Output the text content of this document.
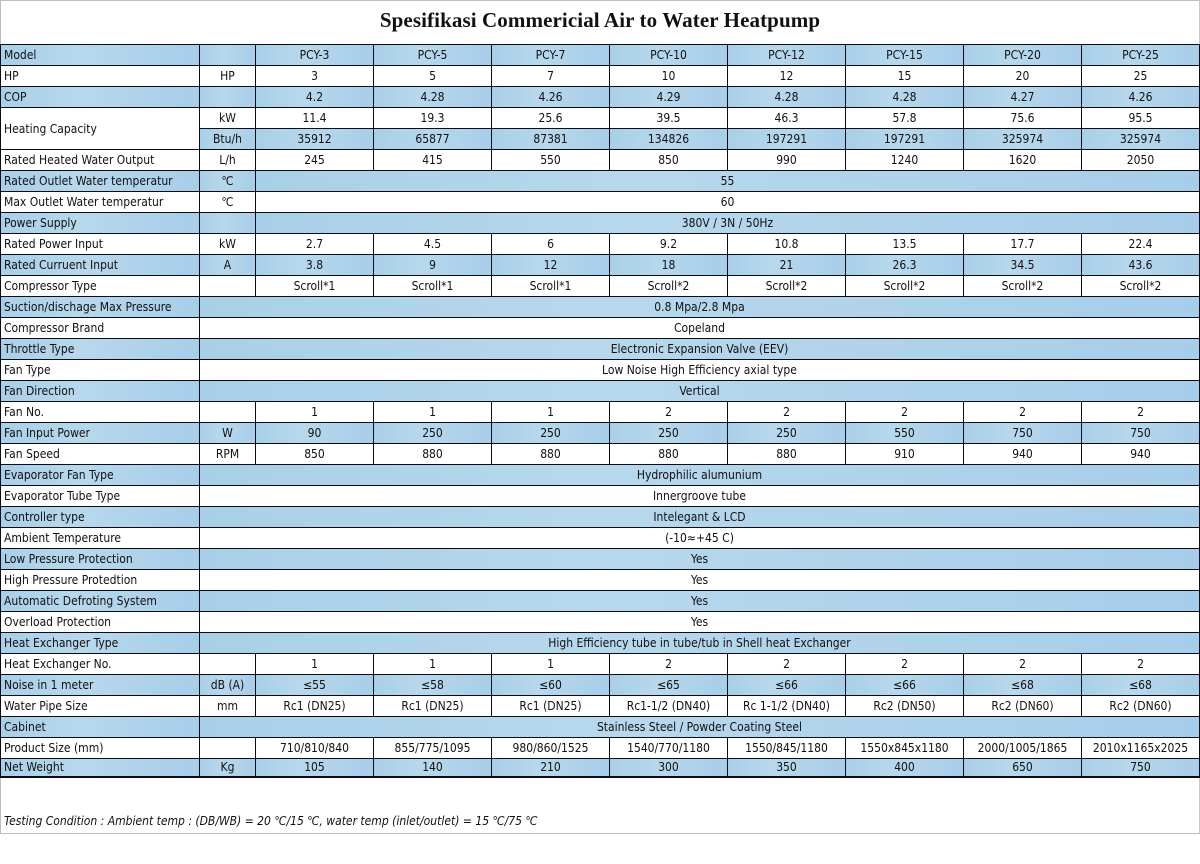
Spesifikasi Commericial Air to Water Heatpump
Model		PCY-3	PCY-5	PCY-7	PCY-10	PCY-12	PCY-15	PCY-20	PCY-25
HP	HP	3	5	7	10	12	15	20	25
COP		4.2	4.28	4.26	4.29	4.28	4.28	4.27	4.26
Heating Capacity	kW	11.4	19.3	25.6	39.5	46.3	57.8	75.6	95.5
	Btu/h	35912	65877	87381	134826	197291	197291	325974	325974
Rated Heated Water Output	L/h	245	415	550	850	990	1240	1620	2050
Rated Outlet Water temperatur	℃	55							
Max Outlet Water temperatur	℃	60							
Power Supply		380V / 3N / 50Hz							
Rated Power Input	kW	2.7	4.5	6	9.2	10.8	13.5	17.7	22.4
Rated Curruent Input	A	3.8	9	12	18	21	26.3	34.5	43.6
Compressor Type		Scroll*1	Scroll*1	Scroll*1	Scroll*2	Scroll*2	Scroll*2	Scroll*2	Scroll*2
Suction/dischage Max Pressure	0.8 Mpa/2.8 Mpa								
Compressor Brand	Copeland								
Throttle Type	Electronic Expansion Valve (EEV)								
Fan Type	Low Noise High Efficiency axial type								
Fan Direction	Vertical								
Fan No.		1	1	1	2	2	2	2	2
Fan Input Power	W	90	250	250	250	250	550	750	750
Fan Speed	RPM	850	880	880	880	880	910	940	940
Evaporator Fan Type	Hydrophilic alumunium								
Evaporator Tube Type	Innergroove tube								
Controller type	Intelegant & LCD								
Ambient Temperature	(-10≈+45 C)								
Low Pressure Protection	Yes								
High Pressure Protedtion	Yes								
Automatic Defroting System	Yes								
Overload Protection	Yes								
Heat Exchanger Type	High Efficiency tube in tube/tub in Shell heat Exchanger								
Heat Exchanger No.		1	1	1	2	2	2	2	2
Noise in 1 meter	dB (A)	≤55	≤58	≤60	≤65	≤66	≤66	≤68	≤68
Water Pipe Size	mm	Rc1 (DN25)	Rc1 (DN25)	Rc1 (DN25)	Rc1-1/2 (DN40)	Rc 1-1/2 (DN40)	Rc2 (DN50)	Rc2 (DN60)	Rc2 (DN60)
Cabinet	Stainless Steel / Powder Coating Steel								
Product Size (mm)		710/810/840	855/775/1095	980/860/1525	1540/770/1180	1550/845/1180	1550x845x1180	2000/1005/1865	2010x1165x2025
Net Weight	Kg	105	140	210	300	350	400	650	750
Testing Condition : Ambient temp : (DB/WB) = 20 ℃/15 ℃, water temp (inlet/outlet) = 15 ℃/75 ℃
